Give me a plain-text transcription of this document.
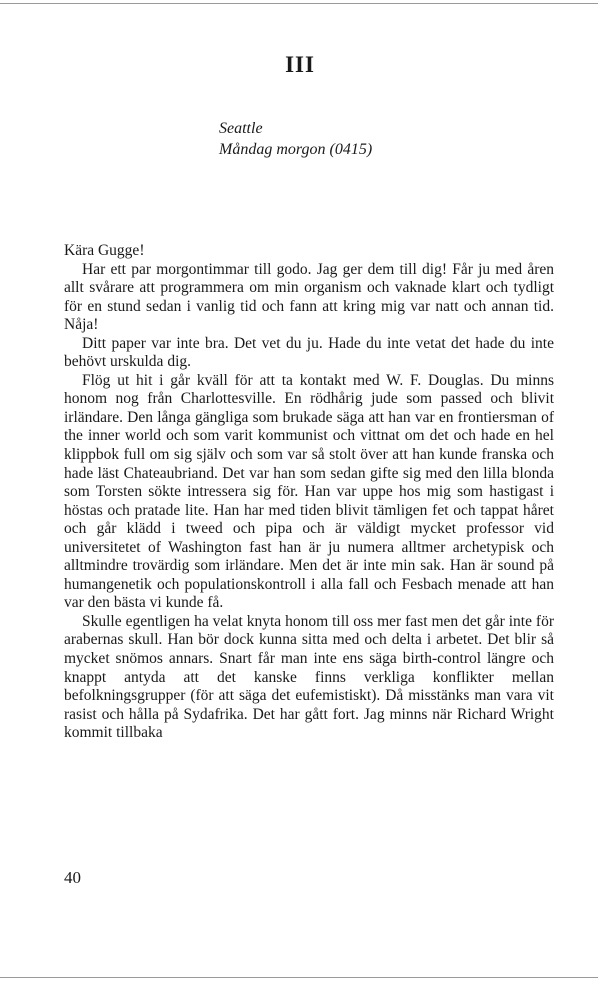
III
Seattle
Måndag morgon (0415)

Kära Gugge!

Har ett par morgontimmar till godo. Jag ger dem till dig! Får ju med åren allt svårare att programmera om min organism och vaknade klart och tydligt för en stund sedan i vanlig tid och fann att kring mig var natt och annan tid. Nåja!

Ditt paper var inte bra. Det vet du ju. Hade du inte vetat det hade du inte behövt urskulda dig.

Flög ut hit i går kväll för att ta kontakt med W. F. Douglas. Du minns honom nog från Charlottesville. En rödhårig jude som passed och blivit irländare. Den långa gängliga som brukade säga att han var en frontiersman of the inner world och som varit kommunist och vittnat om det och hade en hel klippbok full om sig själv och som var så stolt över att han kunde franska och hade läst Chateaubriand. Det var han som sedan gifte sig med den lilla blonda som Torsten sökte intressera sig för. Han var uppe hos mig som hastigast i höstas och pratade lite. Han har med tiden blivit tämligen fet och tappat håret och går klädd i tweed och pipa och är väldigt mycket professor vid universitetet of Washington fast han är ju numera alltmer archetypisk och alltmindre trovärdig som irländare. Men det är inte min sak. Han är sound på humangenetik och populationskontroll i alla fall och Fesbach menade att han var den bästa vi kunde få.

Skulle egentligen ha velat knyta honom till oss mer fast men det går inte för arabernas skull. Han bör dock kunna sitta med och delta i arbetet. Det blir så mycket snömos annars. Snart får man inte ens säga birth-control längre och knappt antyda att det kanske finns verkliga konflikter mellan befolkningsgrupper (för att säga det eufemistiskt). Då misstänks man vara vit rasist och hålla på Sydafrika. Det har gått fort. Jag minns när Richard Wright kommit tillbaka

40
